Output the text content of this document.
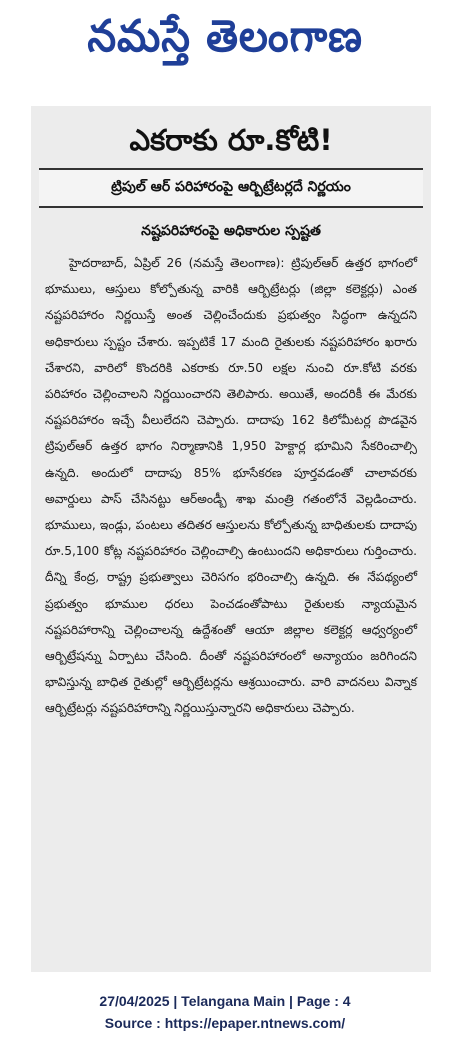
నమస్తే తెలంగాణ
ఎకరాకు రూ.కోటి!
ట్రిపుల్ ఆర్ పరిహారంపై ఆర్బిట్రేటర్లదే నిర్ణయం
నష్టపరిహారంపై అధికారుల స్పష్టత

హైదరాబాద్, ఏప్రిల్ 26 (నమస్తే తెలంగాణ): ట్రిపుల్ఆర్ ఉత్తర భాగంలో భూములు, ఆస్తులు కోల్పోతున్న వారికి ఆర్బిట్రేటర్లు (జిల్లా కలెక్టర్లు) ఎంత నష్టపరిహారం నిర్ణయిస్తే అంత చెల్లించేందుకు ప్రభుత్వం సిద్ధంగా ఉన్నదని అధికారులు స్పష్టం చేశారు. ఇప్పటికే 17 మంది రైతులకు నష్టపరిహారం ఖరారు చేశారని, వారిలో కొందరికి ఎకరాకు రూ.50 లక్షల నుంచి రూ.కోటి వరకు పరిహారం చెల్లించాలని నిర్ణయించారని తెలిపారు. అయితే, అందరికీ ఈ మేరకు నష్టపరిహారం ఇచ్చే వీలులేదని చెప్పారు. దాదాపు 162 కిలోమీటర్ల పొడవైన ట్రిపుల్ఆర్ ఉత్తర భాగం నిర్మాణానికి 1,950 హెక్టార్ల భూమిని సేకరించాల్సి ఉన్నది. అందులో దాదాపు 85% భూసేకరణ పూర్తవడంతో చాలావరకు అవార్డులు పాస్ చేసినట్టు ఆర్అండ్బీ శాఖ మంత్రి గతంలోనే వెల్లడించారు. భూములు, ఇండ్లు, పంటలు తదితర ఆస్తులను కోల్పోతున్న బాధితులకు దాదాపు రూ.5,100 కోట్ల నష్టపరిహారం చెల్లించాల్సి ఉంటుందని అధికారులు గుర్తించారు. దీన్ని కేంద్ర, రాష్ట్ర ప్రభుత్వాలు చెరిసగం భరించాల్సి ఉన్నది. ఈ నేపథ్యంలో ప్రభుత్వం భూముల ధరలు పెంచడంతోపాటు రైతులకు న్యాయమైన నష్టపరిహారాన్ని చెల్లించాలన్న ఉద్దేశంతో ఆయా జిల్లాల కలెక్టర్ల ఆధ్వర్యంలో ఆర్బిట్రేషన్ను ఏర్పాటు చేసింది. దీంతో నష్టపరిహారంలో అన్యాయం జరిగిందని భావిస్తున్న బాధిత రైతుల్లో ఆర్బిట్రేటర్లను ఆశ్రయించారు. వారి వాదనలు విన్నాక ఆర్బిట్రేటర్లు నష్టపరిహారాన్ని నిర్ణయిస్తున్నారని అధికారులు చెప్పారు.

27/04/2025 | Telangana Main | Page : 4
Source : https://epaper.ntnews.com/
